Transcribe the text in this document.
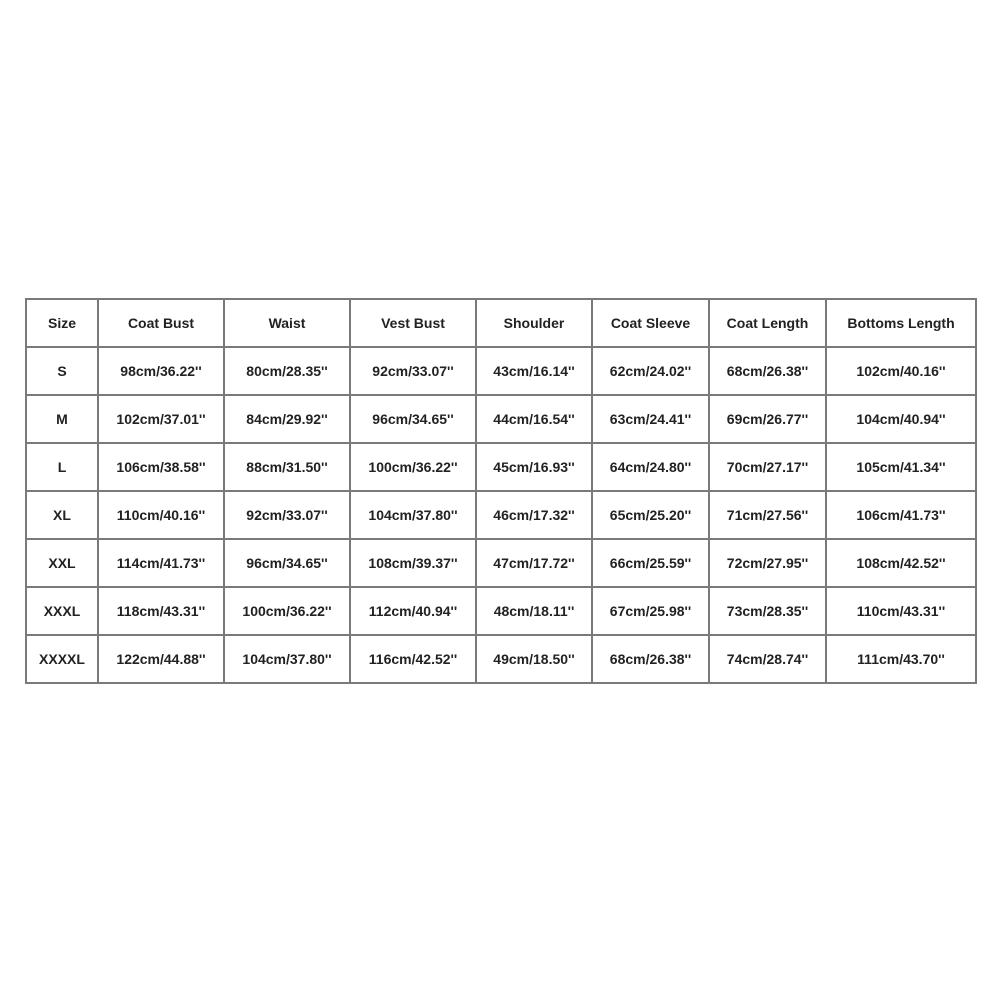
Size	Coat Bust	Waist	Vest Bust	Shoulder	Coat Sleeve	Coat Length	Bottoms Length
S	98cm/36.22''	80cm/28.35''	92cm/33.07''	43cm/16.14''	62cm/24.02''	68cm/26.38''	102cm/40.16''
M	102cm/37.01''	84cm/29.92''	96cm/34.65''	44cm/16.54''	63cm/24.41''	69cm/26.77''	104cm/40.94''
L	106cm/38.58''	88cm/31.50''	100cm/36.22''	45cm/16.93''	64cm/24.80''	70cm/27.17''	105cm/41.34''
XL	110cm/40.16''	92cm/33.07''	104cm/37.80''	46cm/17.32''	65cm/25.20''	71cm/27.56''	106cm/41.73''
XXL	114cm/41.73''	96cm/34.65''	108cm/39.37''	47cm/17.72''	66cm/25.59''	72cm/27.95''	108cm/42.52''
XXXL	118cm/43.31''	100cm/36.22''	112cm/40.94''	48cm/18.11''	67cm/25.98''	73cm/28.35''	110cm/43.31''
XXXXL	122cm/44.88''	104cm/37.80''	116cm/42.52''	49cm/18.50''	68cm/26.38''	74cm/28.74''	111cm/43.70''
